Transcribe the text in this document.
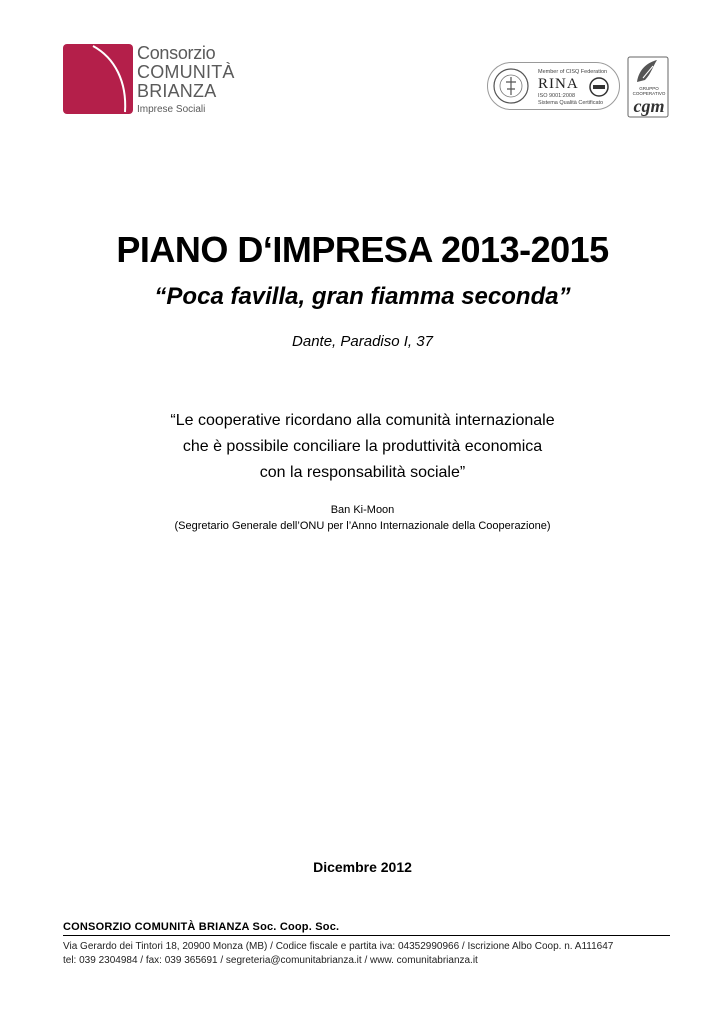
Consorzio
COMUNITÀ
BRIANZA
Imprese Sociali
Member of CISQ Federation
RINA
ISO 9001:2008
Sistema Qualità Certificato
GRUPPO COOPERATIVO
cgm
PIANO D‘IMPRESA 2013-2015
“Poca favilla, gran fiamma seconda”
Dante, Paradiso I, 37
“Le cooperative ricordano alla comunità internazionale
che è possibile conciliare la produttività economica
con la responsabilità sociale”
Ban Ki-Moon
(Segretario Generale dell’ONU per l’Anno Internazionale della Cooperazione)
Dicembre 2012
CONSORZIO COMUNITÀ BRIANZA Soc. Coop. Soc.
Via Gerardo dei Tintori 18, 20900 Monza (MB) / Codice fiscale e partita iva: 04352990966 / Iscrizione Albo Coop. n. A111647
tel: 039 2304984 / fax: 039 365691 / segreteria@comunitabrianza.it / www. comunitabrianza.it
